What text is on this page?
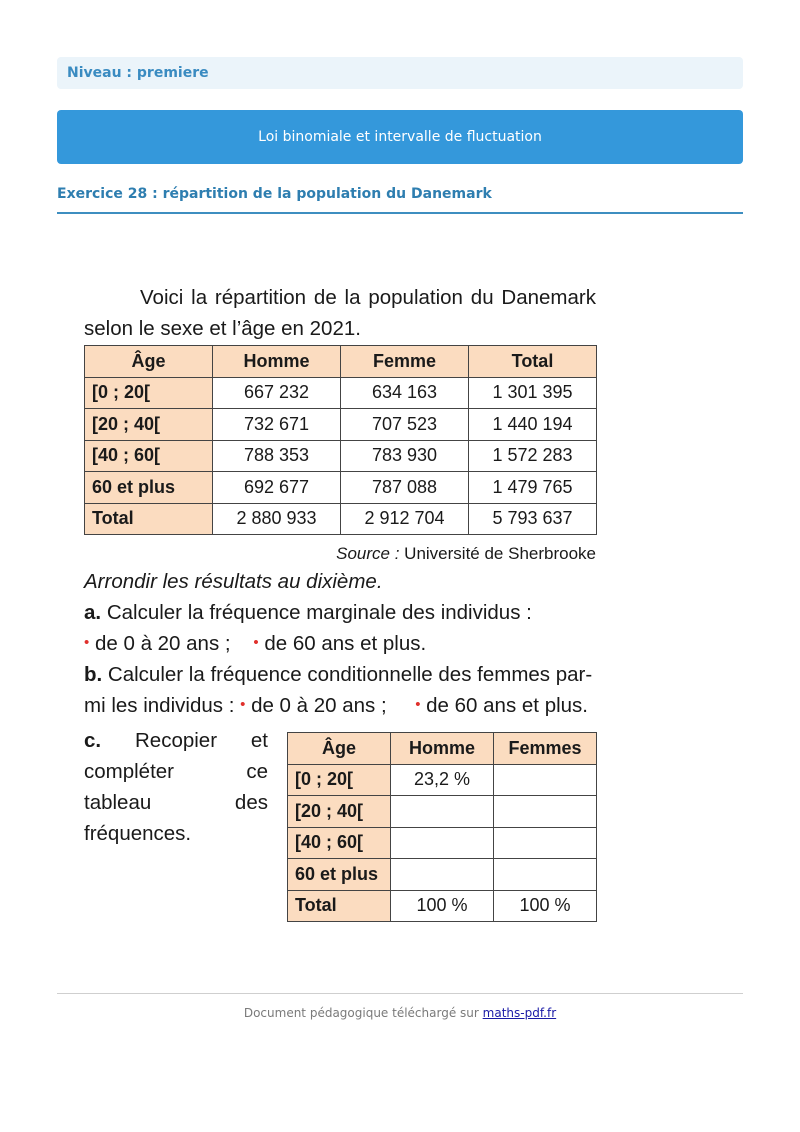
Niveau : premiere
Loi binomiale et intervalle de fluctuation
Exercice 28 : répartition de la population du Danemark

Voici la répartition de la population du Danemark selon le sexe et l’âge en 2021.

Âge	Homme	Femme	Total
[0 ; 20[	667 232	634 163	1 301 395
[20 ; 40[	732 671	707 523	1 440 194
[40 ; 60[	788 353	783 930	1 572 283
60 et plus	692 677	787 088	1 479 765
Total	2 880 933	2 912 704	5 793 637
Source : Université de Sherbrooke

Arrondir les résultats au dixième.

a. Calculer la fréquence marginale des individus :

• de 0 à 20 ans ; • de 60 ans et plus.

b. Calculer la fréquence conditionnelle des femmes par-

mi les individus : • de 0 à 20 ans ; • de 60 ans et plus.

c. Recopier et compléter ce tableau des fréquences.

Âge	Homme	Femmes
[0 ; 20[	23,2 %	
[20 ; 40[		
[40 ; 60[		
60 et plus		
Total	100 %	100 %
Document pédagogique téléchargé sur maths-pdf.fr
